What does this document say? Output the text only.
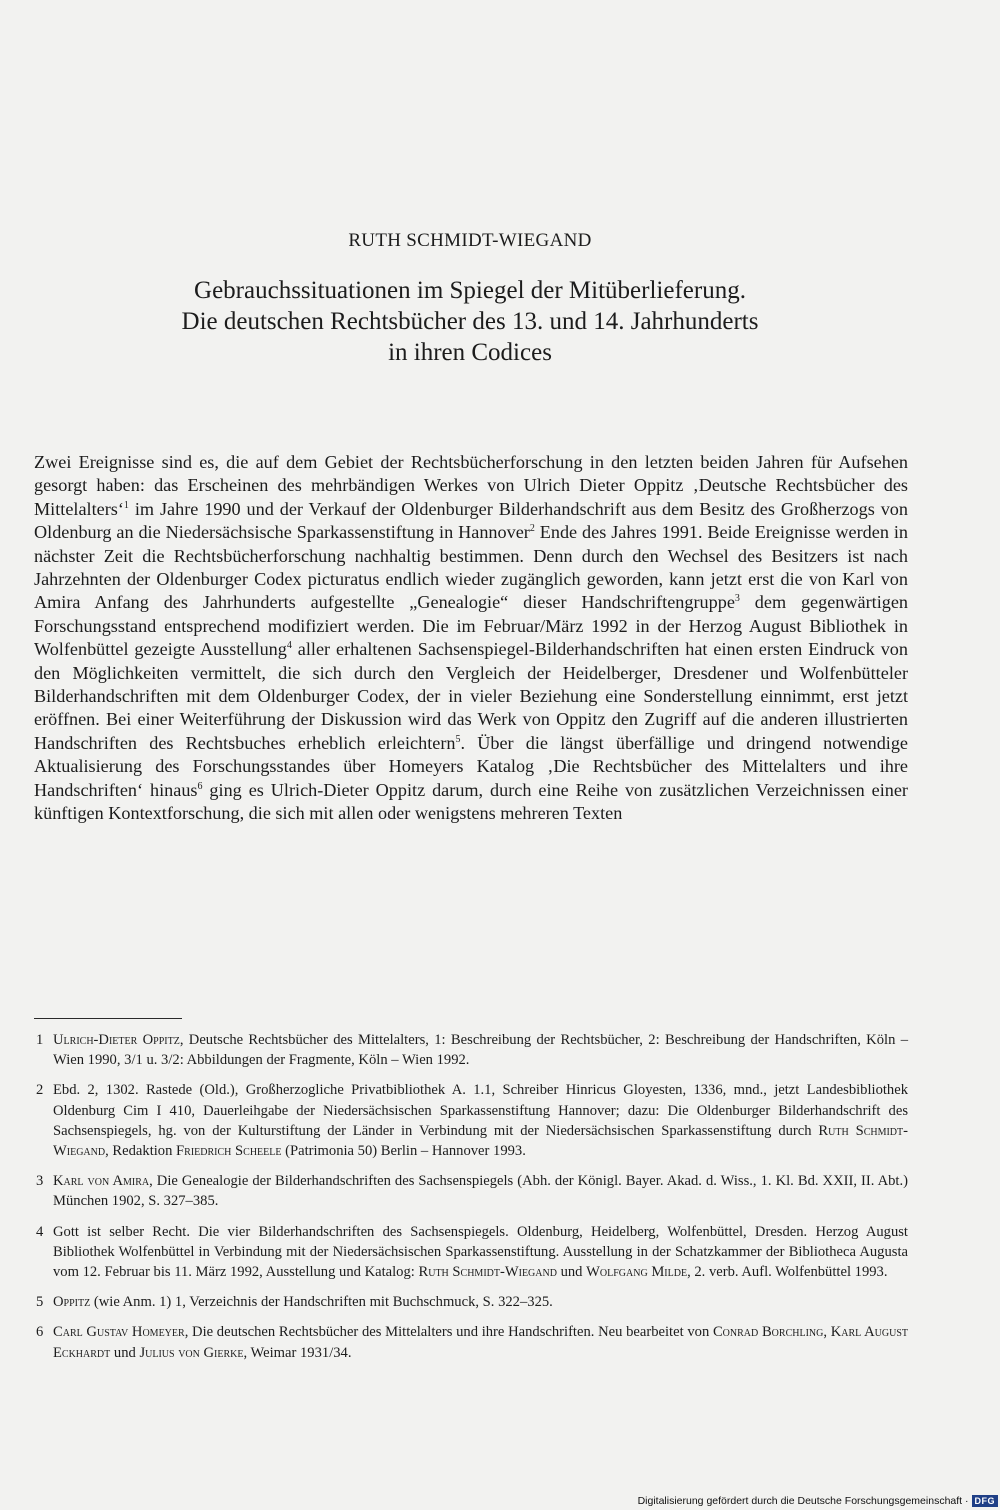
RUTH SCHMIDT-WIEGAND
Gebrauchssituationen im Spiegel der Mitüberlieferung.
Die deutschen Rechtsbücher des 13. und 14. Jahrhunderts
in ihren Codices
Zwei Ereignisse sind es, die auf dem Gebiet der Rechtsbücherforschung in den letzten beiden Jahren für Aufsehen gesorgt haben: das Erscheinen des mehrbändigen Werkes von Ulrich Dieter Oppitz ‚Deutsche Rechtsbücher des Mittelalters‘$^1$ im Jahre 1990 und der Verkauf der Oldenburger Bilderhandschrift aus dem Besitz des Großherzogs von Oldenburg an die Niedersächsische Sparkassenstiftung in Hannover$^2$ Ende des Jahres 1991. Beide Ereignisse werden in nächster Zeit die Rechtsbücherforschung nachhaltig bestimmen. Denn durch den Wechsel des Besitzers ist nach Jahrzehnten der Oldenburger Codex picturatus endlich wieder zugänglich geworden, kann jetzt erst die von Karl von Amira Anfang des Jahrhunderts aufgestellte „Genealogie“ dieser Handschriftengruppe$^3$ dem gegenwärtigen Forschungsstand entsprechend modifiziert werden. Die im Februar/März 1992 in der Herzog August Bibliothek in Wolfenbüttel gezeigte Ausstellung$^4$ aller erhaltenen Sachsenspiegel-Bilderhandschriften hat einen ersten Eindruck von den Möglichkeiten vermittelt, die sich durch den Vergleich der Heidelberger, Dresdener und Wolfenbütteler Bilderhandschriften mit dem Oldenburger Codex, der in vieler Beziehung eine Sonderstellung einnimmt, erst jetzt eröffnen. Bei einer Weiterführung der Diskussion wird das Werk von Oppitz den Zugriff auf die anderen illustrierten Handschriften des Rechtsbuches erheblich erleichtern$^5$. Über die längst überfällige und dringend notwendige Aktualisierung des Forschungsstandes über Homeyers Katalog ‚Die Rechtsbücher des Mittelalters und ihre Handschriften‘ hinaus$^6$ ging es Ulrich-Dieter Oppitz darum, durch eine Reihe von zusätzlichen Verzeichnissen einer künftigen Kontextforschung, die sich mit allen oder wenigstens mehreren Texten
1 Ulrich-Dieter Oppitz, Deutsche Rechtsbücher des Mittelalters, 1: Beschreibung der Rechtsbücher, 2: Beschreibung der Handschriften, Köln – Wien 1990, 3/1 u. 3/2: Abbildungen der Fragmente, Köln – Wien 1992.
2 Ebd. 2, 1302. Rastede (Old.), Großherzogliche Privatbibliothek A. 1.1, Schreiber Hinricus Gloyesten, 1336, mnd., jetzt Landesbibliothek Oldenburg Cim I 410, Dauerleihgabe der Niedersächsischen Sparkassenstiftung Hannover; dazu: Die Oldenburger Bilderhandschrift des Sachsenspiegels, hg. von der Kulturstiftung der Länder in Verbindung mit der Niedersächsischen Sparkassenstiftung durch Ruth Schmidt-Wiegand, Redaktion Friedrich Scheele (Patrimonia 50) Berlin – Hannover 1993.
3 Karl von Amira, Die Genealogie der Bilderhandschriften des Sachsenspiegels (Abh. der Königl. Bayer. Akad. d. Wiss., 1. Kl. Bd. XXII, II. Abt.) München 1902, S. 327–385.
4 Gott ist selber Recht. Die vier Bilderhandschriften des Sachsenspiegels. Oldenburg, Heidelberg, Wolfenbüttel, Dresden. Herzog August Bibliothek Wolfenbüttel in Verbindung mit der Niedersächsischen Sparkassenstiftung. Ausstellung in der Schatzkammer der Bibliotheca Augusta vom 12. Februar bis 11. März 1992, Ausstellung und Katalog: Ruth Schmidt-Wiegand und Wolfgang Milde, 2. verb. Aufl. Wolfenbüttel 1993.
5 Oppitz (wie Anm. 1) 1, Verzeichnis der Handschriften mit Buchschmuck, S. 322–325.
6 Carl Gustav Homeyer, Die deutschen Rechtsbücher des Mittelalters und ihre Handschriften. Neu bearbeitet von Conrad Borchling, Karl August Eckhardt und Julius von Gierke, Weimar 1931/34.
Digitalisierung gefördert durch die Deutsche Forschungsgemeinschaft · DFG
